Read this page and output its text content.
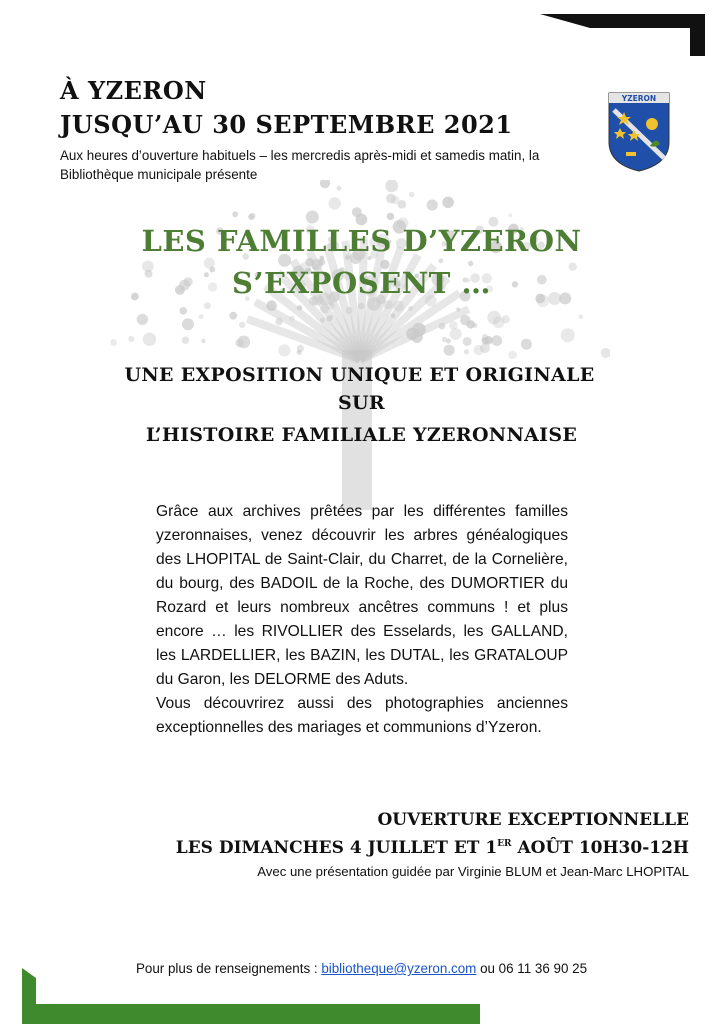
À YZERON
JUSQU’AU 30 SEPTEMBRE 2021

Aux heures d’ouverture habituels – les mercredis après-midi et samedis matin, la Bibliothèque municipale présente

YZERON
LES FAMILLES D’YZERON
S’EXPOSENT …
UNE EXPOSITION UNIQUE ET ORIGINALE
SUR
L’HISTOIRE FAMILIALE YZERONNAISE

Grâce aux archives prêtées par les différentes familles yzeronnaises, venez découvrir les arbres généalogiques des LHOPITAL de Saint-Clair, du Charret, de la Cornelière, du bourg, des BADOIL de la Roche, des DUMORTIER du Rozard et leurs nombreux ancêtres communs ! et plus encore … les RIVOLLIER des Esselards, les GALLAND, les LARDELLIER, les BAZIN, les DUTAL, les GRATALOUP du Garon, les DELORME des Aduts.

Vous découvrirez aussi des photographies anciennes exceptionnelles des mariages et communions d’Yzeron.

OUVERTURE EXCEPTIONNELLE
LES DIMANCHES 4 JUILLET ET 1ER AOÛT 10H30-12H
Avec une présentation guidée par Virginie BLUM et Jean-Marc LHOPITAL

Pour plus de renseignements : bibliotheque@yzeron.com ou 06 11 36 90 25
